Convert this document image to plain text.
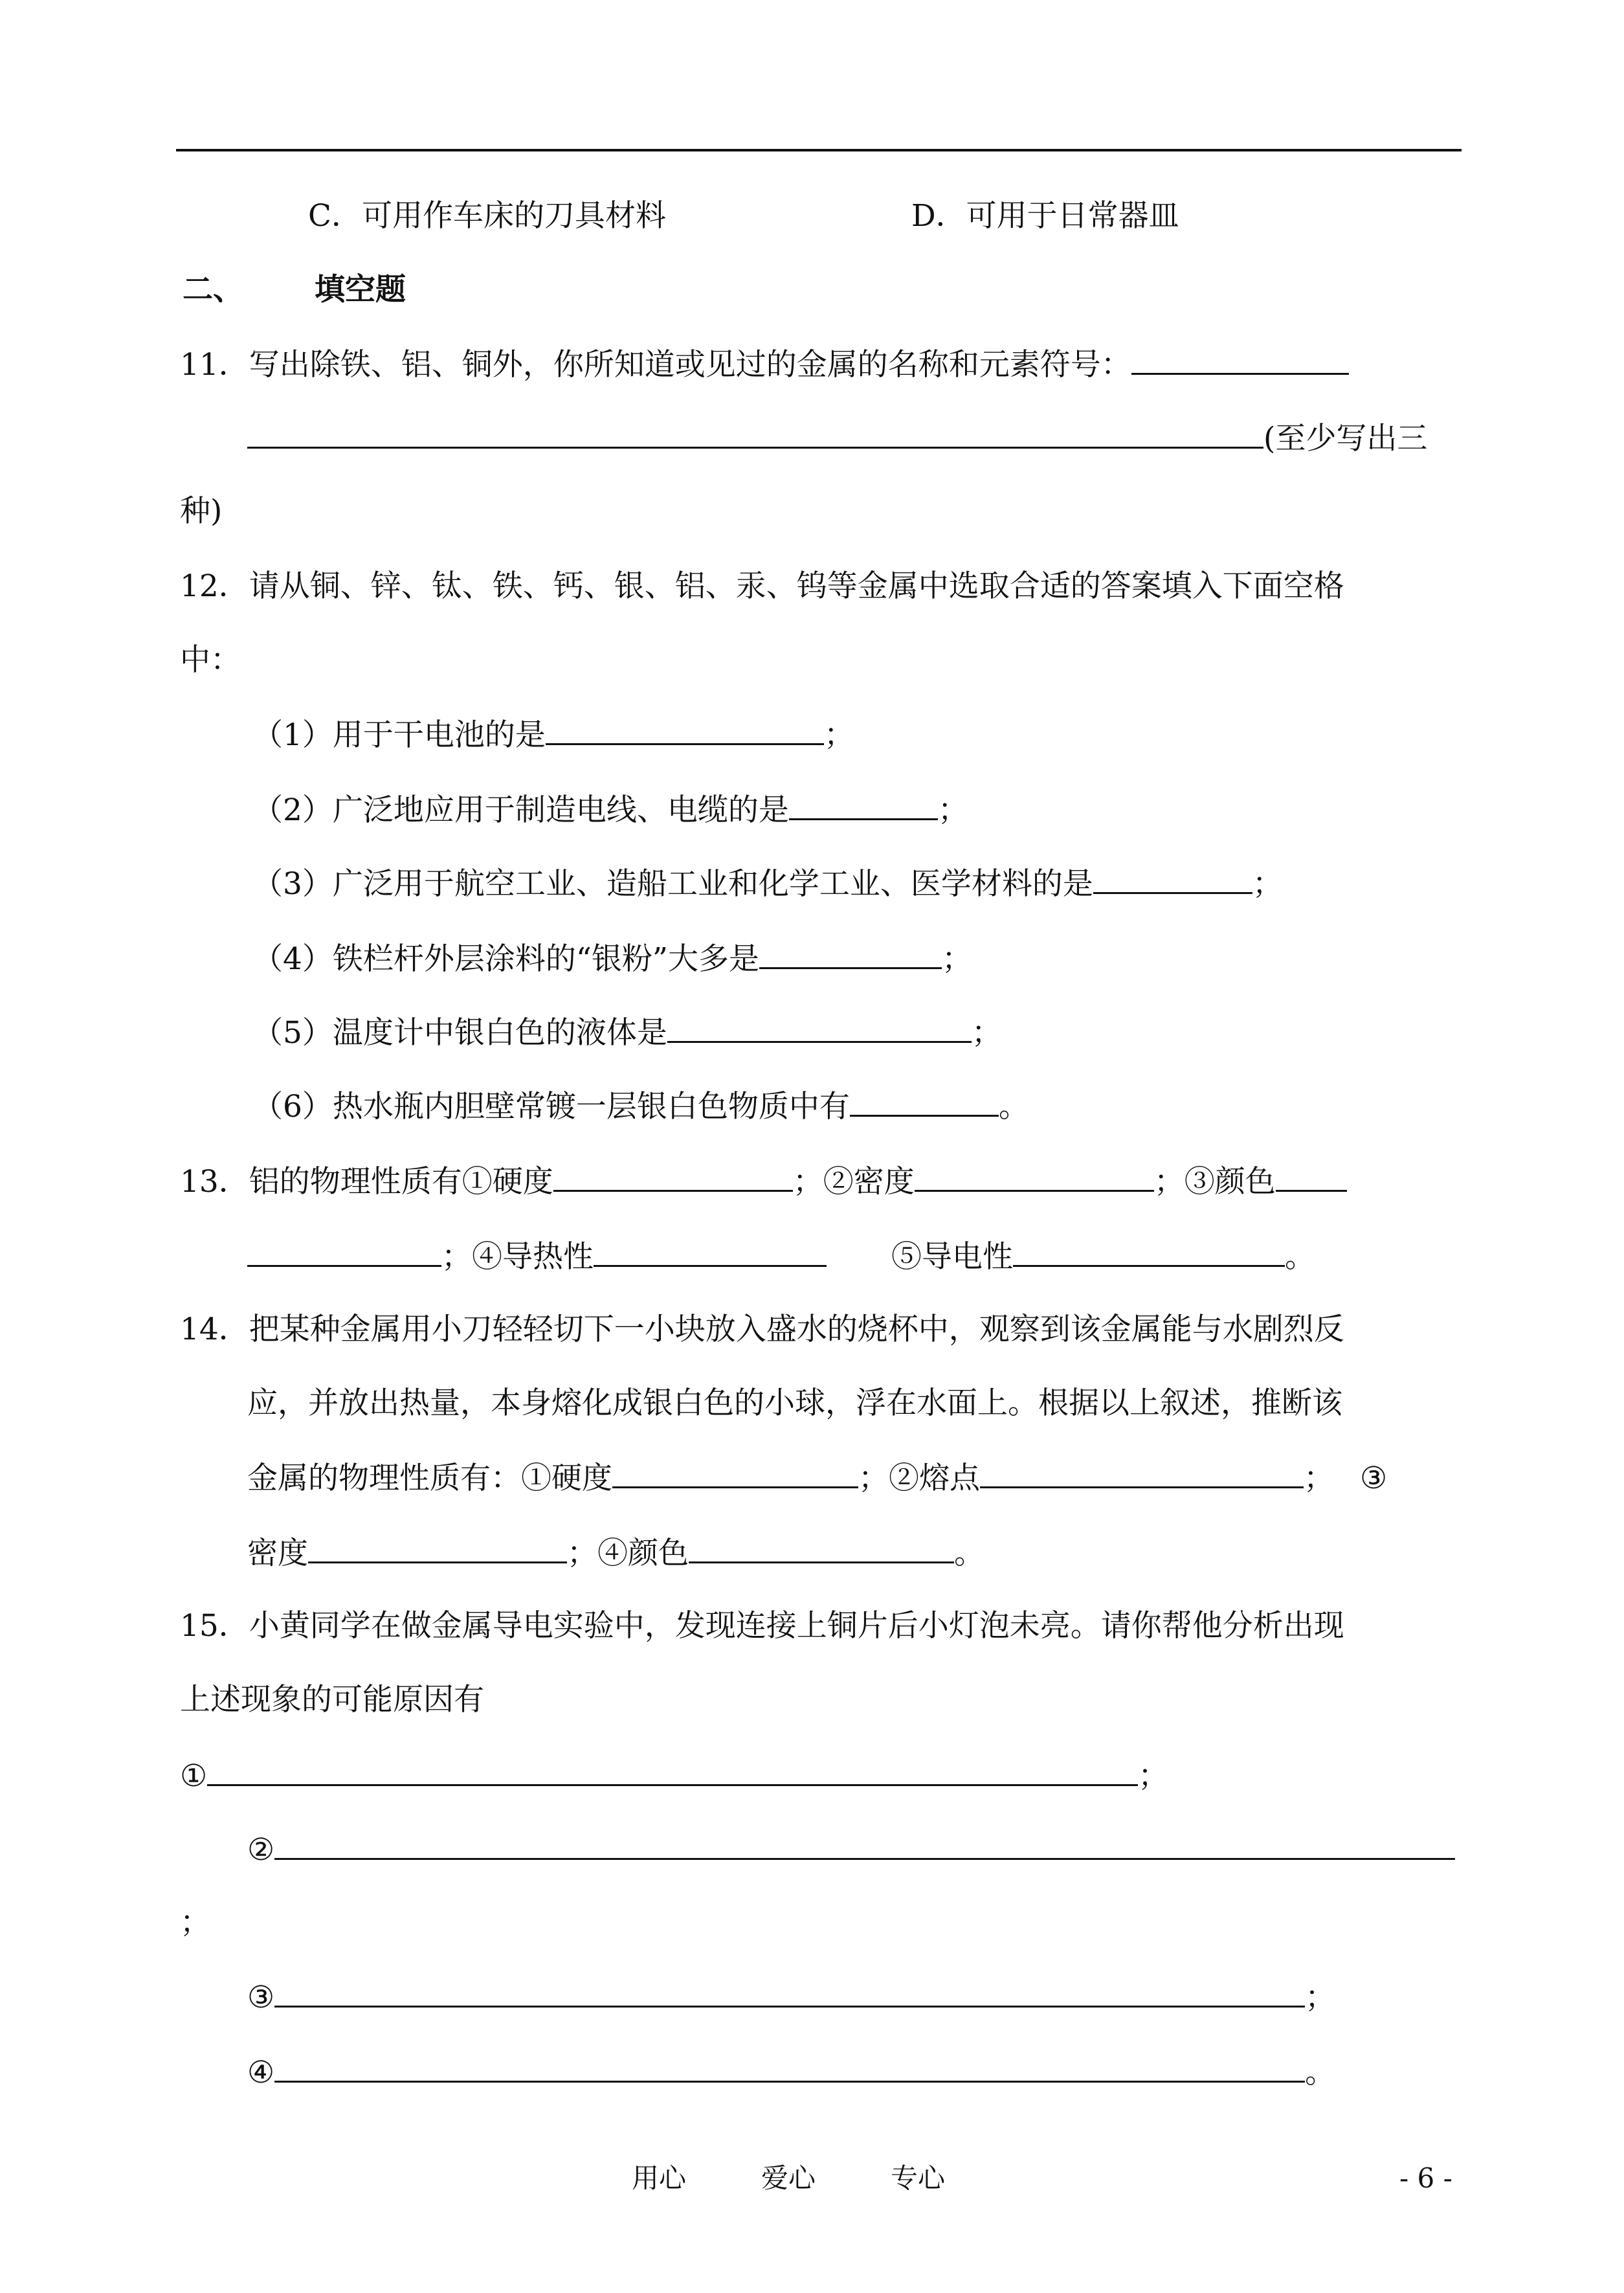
C．可用作车床的刀具材料	D．可用于日常器皿
二、 填空题
11．写出除铁、铝、铜外，你所知道或见过的金属的名称和元素符号：
(至少写出三
种)
12．请从铜、锌、钛、铁、钙、银、铝、汞、钨等金属中选取合适的答案填入下面空格
中：
（1）用于干电池的是	；
（2）广泛地应用于制造电线、电缆的是	；
（3）广泛用于航空工业、造船工业和化学工业、医学材料的是	；
（4）铁栏杆外层涂料的“银粉”大多是	；
（5）温度计中银白色的液体是	；
（6）热水瓶内胆壁常镀一层银白色物质中有	。
13．铝的物理性质有①硬度	；②密度	；③颜色
；④导热性	⑤导电性	。
14．把某种金属用小刀轻轻切下一小块放入盛水的烧杯中，观察到该金属能与水剧烈反
应，并放出热量，本身熔化成银白色的小球，浮在水面上。根据以上叙述，推断该
金属的物理性质有：①硬度	；②熔点	； ③
密度	；④颜色	。
15．小黄同学在做金属导电实验中，发现连接上铜片后小灯泡未亮。请你帮他分析出现
上述现象的可能原因有
①	；
②
；
③	；
④	。
用心	爱心	专心	- 6 -
